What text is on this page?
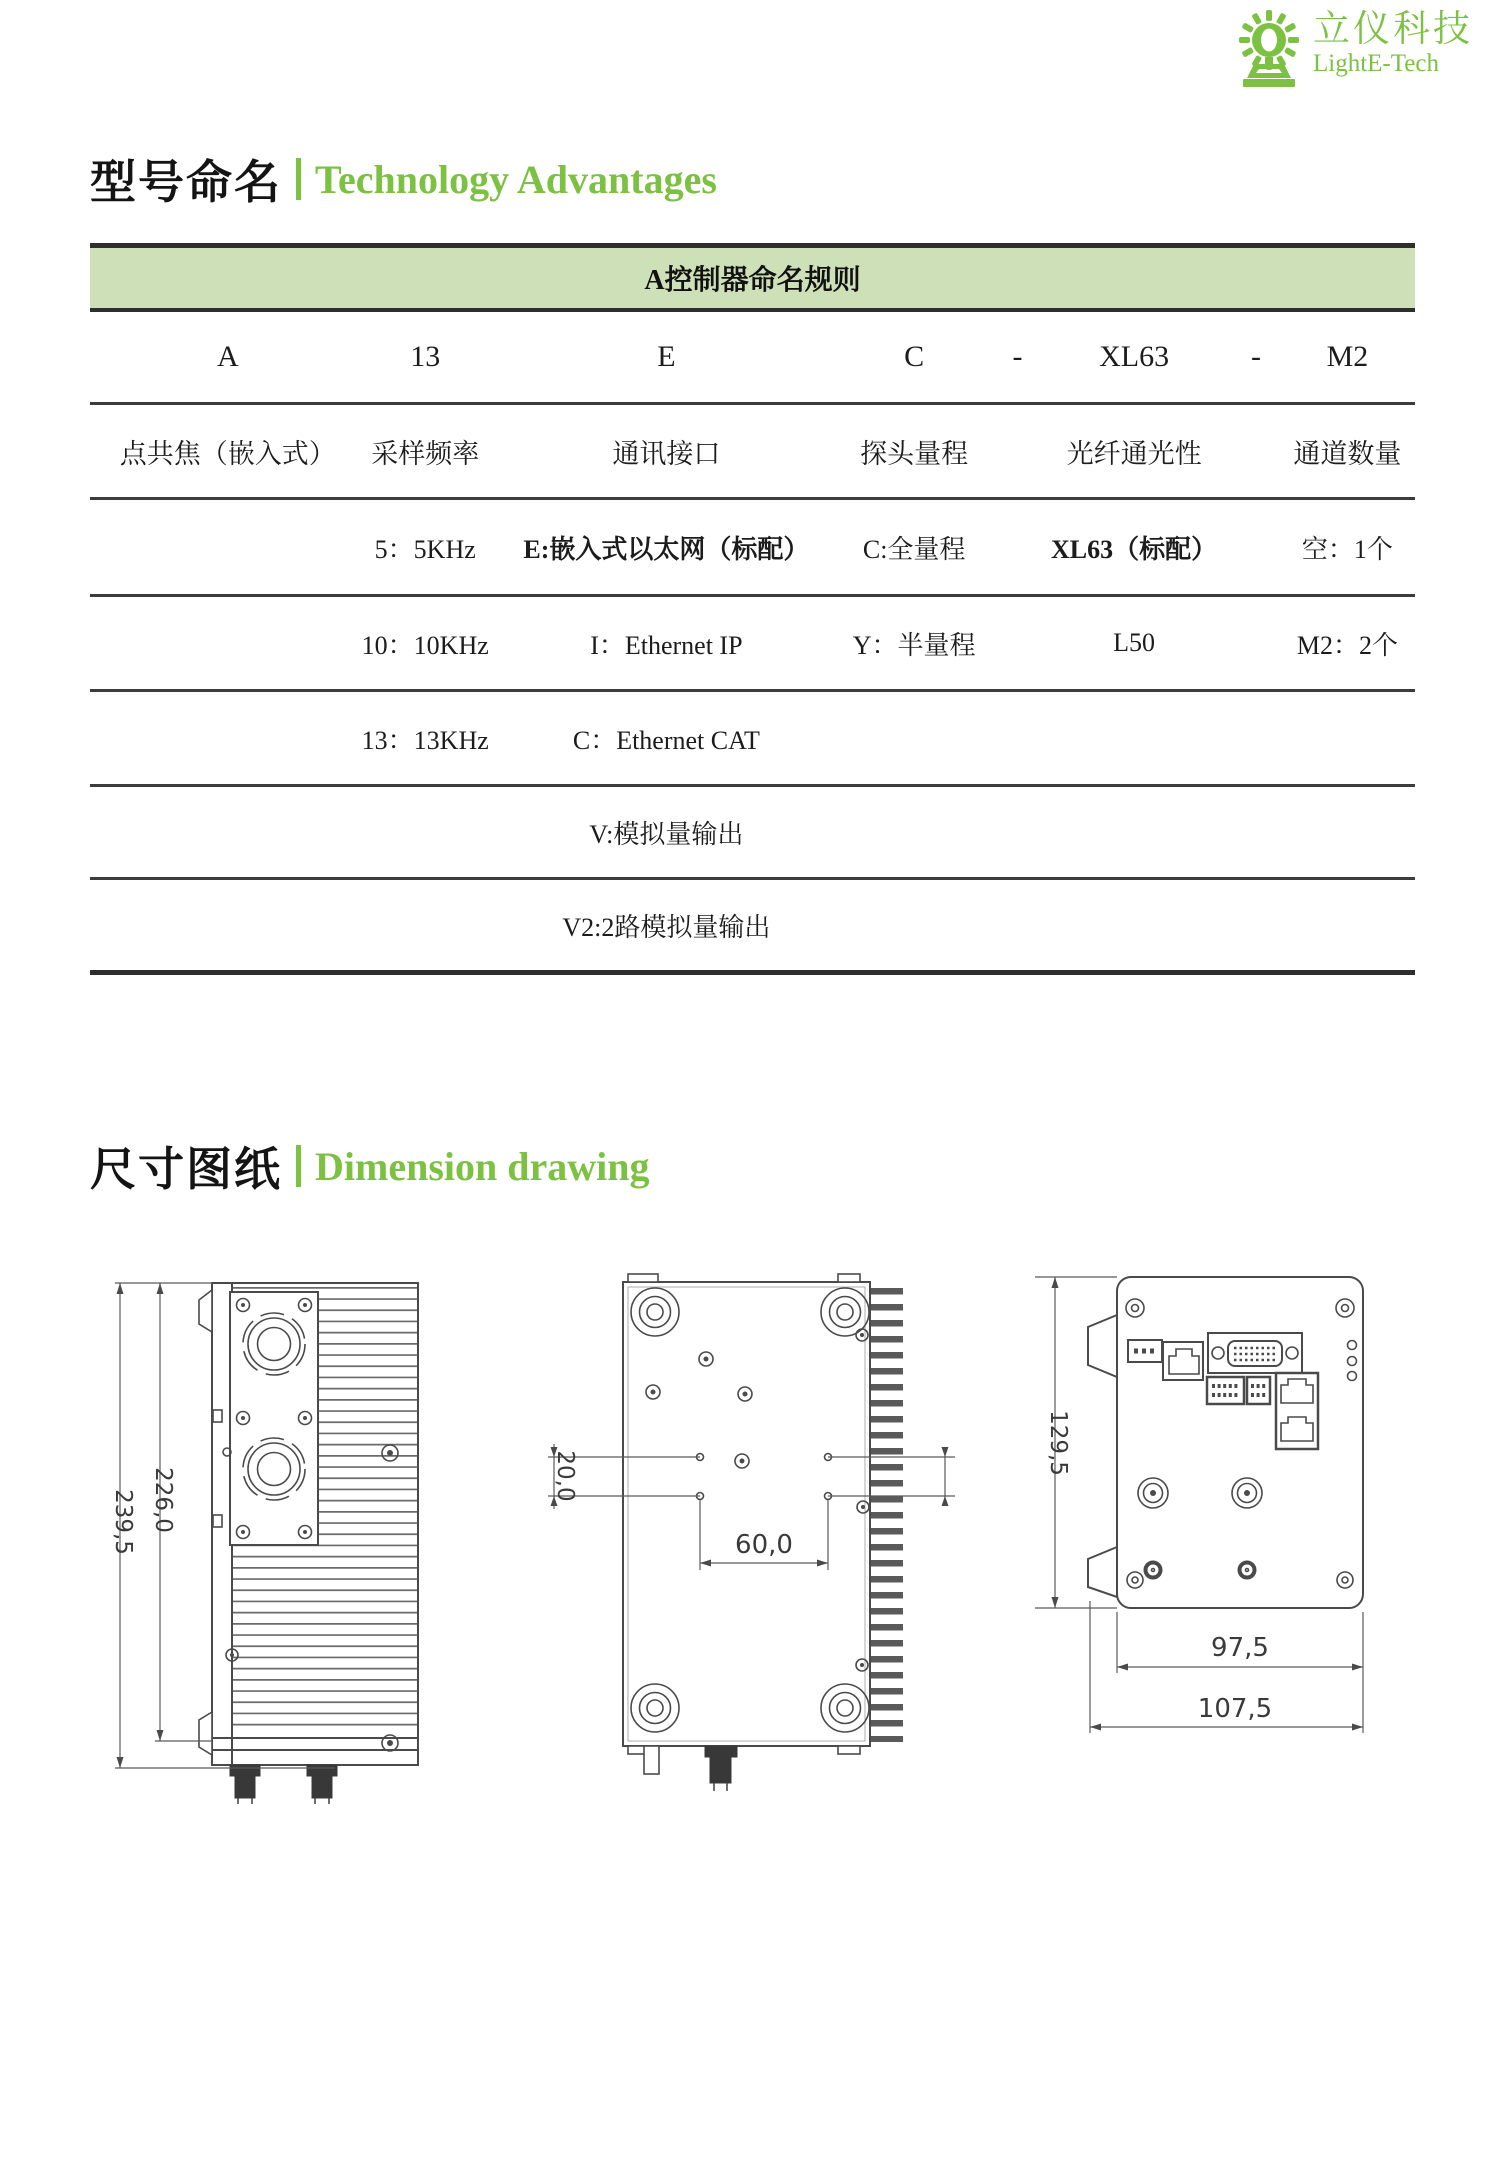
立仪科技
LightE-Tech
型号命名 Technology Advantages
A控制器命名规则
A	13	E	C	-	XL63	- M2
点共焦（嵌入式） 采样频率	通讯接口	探头量程	光纤通光性	通道数量
5：5KHz E:嵌入式以太网（标配） C:全量程	XL63（标配）	空：1个
10：10KHz	I：Ethernet IP	Y：半量程	L50	M2：2个
13：13KHz	C：Ethernet CAT
V:模拟量输出
V2:2路模拟量输出
尺寸图纸 Dimension drawing
239,5 226,0	20,0
60,0
129,5
97,5
107,5
